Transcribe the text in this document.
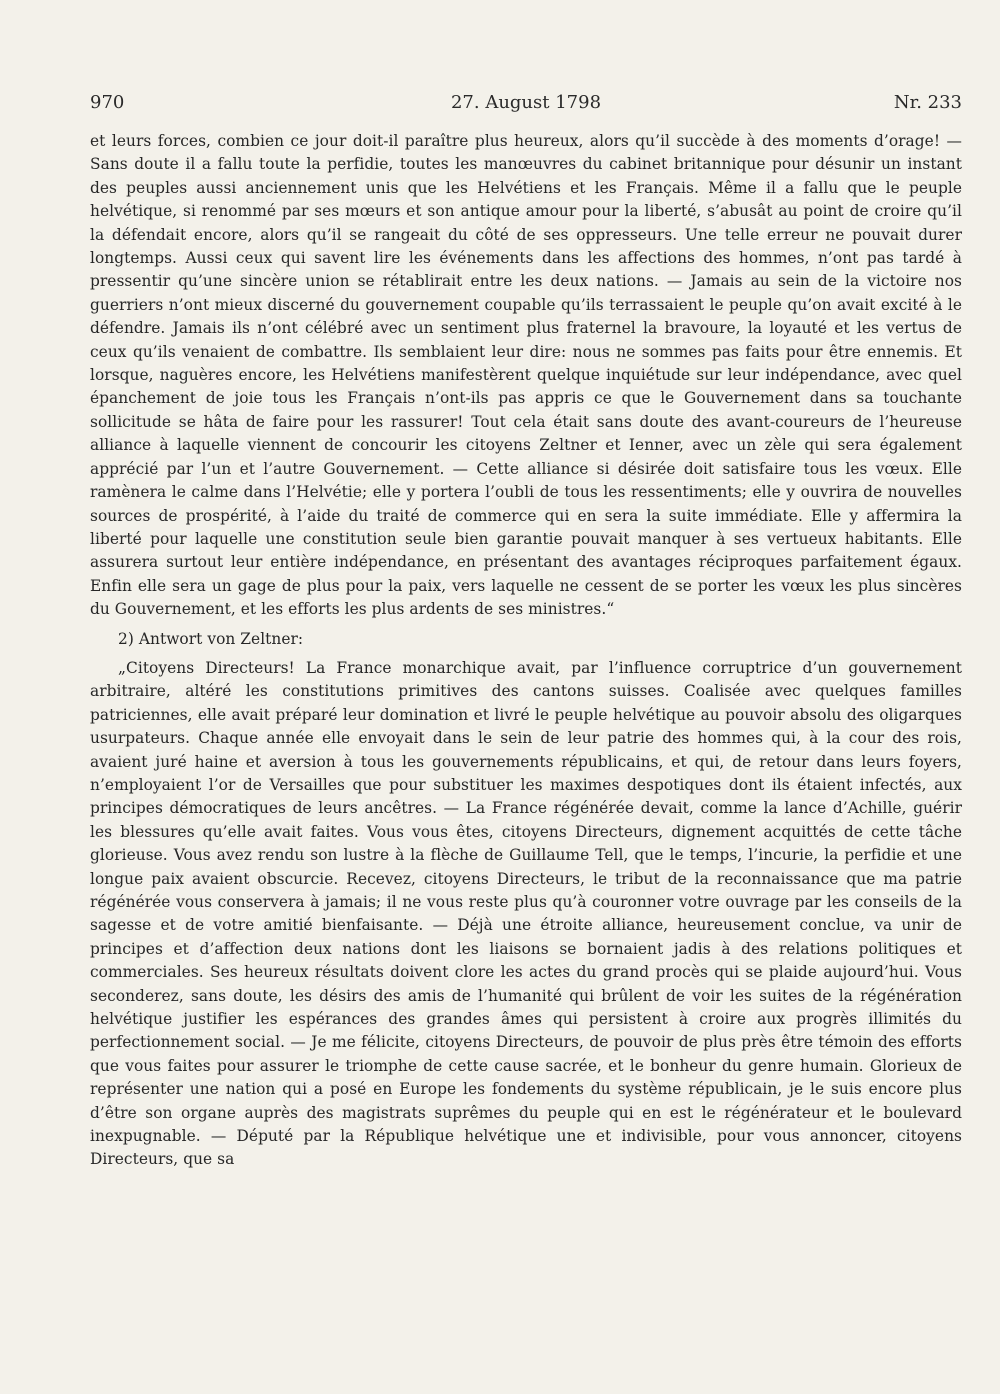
970	27. August 1798	Nr. 233

et leurs forces, combien ce jour doit-il paraître plus heureux, alors qu’il succède à des moments d’orage! — Sans doute il a fallu toute la perfidie, toutes les manœuvres du cabinet britannique pour désunir un instant des peuples aussi anciennement unis que les Helvétiens et les Français. Même il a fallu que le peuple helvétique, si renommé par ses mœurs et son antique amour pour la liberté, s’abusât au point de croire qu’il la défendait encore, alors qu’il se rangeait du côté de ses oppresseurs. Une telle erreur ne pouvait durer longtemps. Aussi ceux qui savent lire les événements dans les affections des hommes, n’ont pas tardé à pressentir qu’une sincère union se rétablirait entre les deux nations. — Jamais au sein de la victoire nos guerriers n’ont mieux discerné du gouvernement coupable qu’ils terrassaient le peuple qu’on avait excité à le défendre. Jamais ils n’ont célébré avec un sentiment plus fraternel la bravoure, la loyauté et les vertus de ceux qu’ils venaient de combattre. Ils semblaient leur dire: nous ne sommes pas faits pour être ennemis. Et lorsque, naguères encore, les Helvétiens manifestèrent quelque inquiétude sur leur indépendance, avec quel épanchement de joie tous les Français n’ont-ils pas appris ce que le Gouvernement dans sa touchante sollicitude se hâta de faire pour les rassurer! Tout cela était sans doute des avant-coureurs de l’heureuse alliance à laquelle viennent de concourir les citoyens Zeltner et Ienner, avec un zèle qui sera également apprécié par l’un et l’autre Gouvernement. — Cette alliance si désirée doit satisfaire tous les vœux. Elle ramènera le calme dans l’Helvétie; elle y portera l’oubli de tous les ressentiments; elle y ouvrira de nouvelles sources de prospérité, à l’aide du traité de commerce qui en sera la suite immédiate. Elle y affermira la liberté pour laquelle une constitution seule bien garantie pouvait manquer à ses vertueux habitants. Elle assurera surtout leur entière indépendance, en présentant des avantages réciproques parfaitement égaux. Enfin elle sera un gage de plus pour la paix, vers laquelle ne cessent de se porter les vœux les plus sincères du Gouvernement, et les efforts les plus ardents de ses ministres.“

2) Antwort von Zeltner:

„Citoyens Directeurs! La France monarchique avait, par l’influence corruptrice d’un gouvernement arbitraire, altéré les constitutions primitives des cantons suisses. Coalisée avec quelques familles patriciennes, elle avait préparé leur domination et livré le peuple helvétique au pouvoir absolu des oligarques usurpateurs. Chaque année elle envoyait dans le sein de leur patrie des hommes qui, à la cour des rois, avaient juré haine et aversion à tous les gouvernements républicains, et qui, de retour dans leurs foyers, n’employaient l’or de Versailles que pour substituer les maximes despotiques dont ils étaient infectés, aux principes démocratiques de leurs ancêtres. — La France régénérée devait, comme la lance d’Achille, guérir les blessures qu’elle avait faites. Vous vous êtes, citoyens Directeurs, dignement acquittés de cette tâche glorieuse. Vous avez rendu son lustre à la flèche de Guillaume Tell, que le temps, l’incurie, la perfidie et une longue paix avaient obscurcie. Recevez, citoyens Directeurs, le tribut de la reconnaissance que ma patrie régénérée vous conservera à jamais; il ne vous reste plus qu’à couronner votre ouvrage par les conseils de la sagesse et de votre amitié bienfaisante. — Déjà une étroite alliance, heureusement conclue, va unir de principes et d’affection deux nations dont les liaisons se bornaient jadis à des relations politiques et commerciales. Ses heureux résultats doivent clore les actes du grand procès qui se plaide aujourd’hui. Vous seconderez, sans doute, les désirs des amis de l’humanité qui brûlent de voir les suites de la régénération helvétique justifier les espérances des grandes âmes qui persistent à croire aux progrès illimités du perfectionnement social. — Je me félicite, citoyens Directeurs, de pouvoir de plus près être témoin des efforts que vous faites pour assurer le triomphe de cette cause sacrée, et le bonheur du genre humain. Glorieux de représenter une nation qui a posé en Europe les fondements du système républicain, je le suis encore plus d’être son organe auprès des magistrats suprêmes du peuple qui en est le régénérateur et le boulevard inexpugnable. — Député par la République helvétique une et indivisible, pour vous annoncer, citoyens Directeurs, que sa
